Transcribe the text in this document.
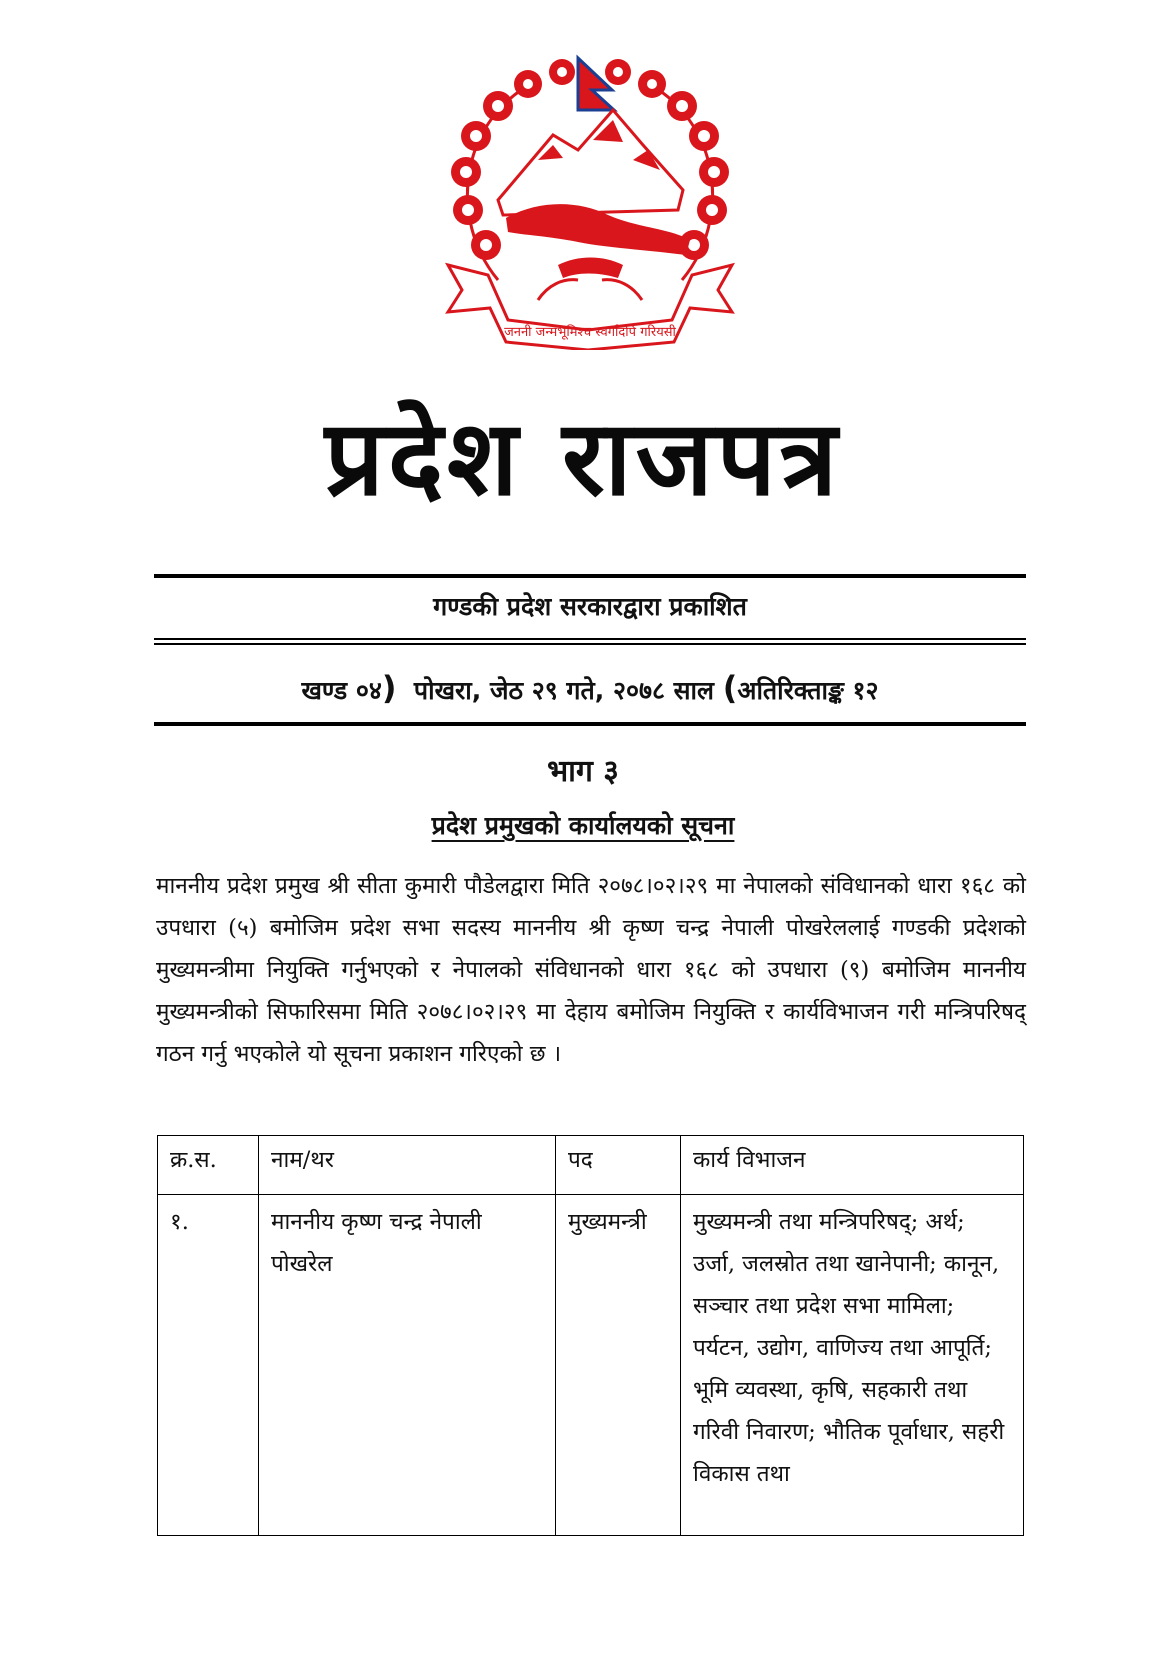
जननी जन्मभूमिश्च स्वर्गादपि गरियसी
प्रदेश राजपत्र
गण्डकी प्रदेश सरकारद्वारा प्रकाशित
खण्ड ०४) पोखरा, जेठ २९ गते, २०७८ साल (अतिरिक्ताङ्क १२
भाग ३
प्रदेश प्रमुखको कार्यालयको सूचना
माननीय प्रदेश प्रमुख श्री सीता कुमारी पौडेलद्वारा मिति २०७८।०२।२९ मा नेपालको संविधानको धारा १६८ को उपधारा (५) बमोजिम प्रदेश सभा सदस्य माननीय श्री कृष्ण चन्द्र नेपाली पोखरेललाई गण्डकी प्रदेशको मुख्यमन्त्रीमा नियुक्ति गर्नुभएको र नेपालको संविधानको धारा १६८ को उपधारा (९) बमोजिम माननीय मुख्यमन्त्रीको सिफारिसमा मिति २०७८।०२।२९ मा देहाय बमोजिम नियुक्ति र कार्यविभाजन गरी मन्त्रिपरिषद् गठन गर्नु भएकोले यो सूचना प्रकाशन गरिएको छ ।
क्र.स.	नाम/थर	पद	कार्य विभाजन
१.	माननीय कृष्ण चन्द्र नेपाली पोखरेल	मुख्यमन्त्री	मुख्यमन्त्री तथा मन्त्रिपरिषद्; अर्थ; उर्जा, जलस्रोत तथा खानेपानी; कानून, सञ्चार तथा प्रदेश सभा मामिला; पर्यटन, उद्योग, वाणिज्य तथा आपूर्ति; भूमि व्यवस्था, कृषि, सहकारी तथा गरिवी निवारण; भौतिक पूर्वाधार, सहरी विकास तथा
